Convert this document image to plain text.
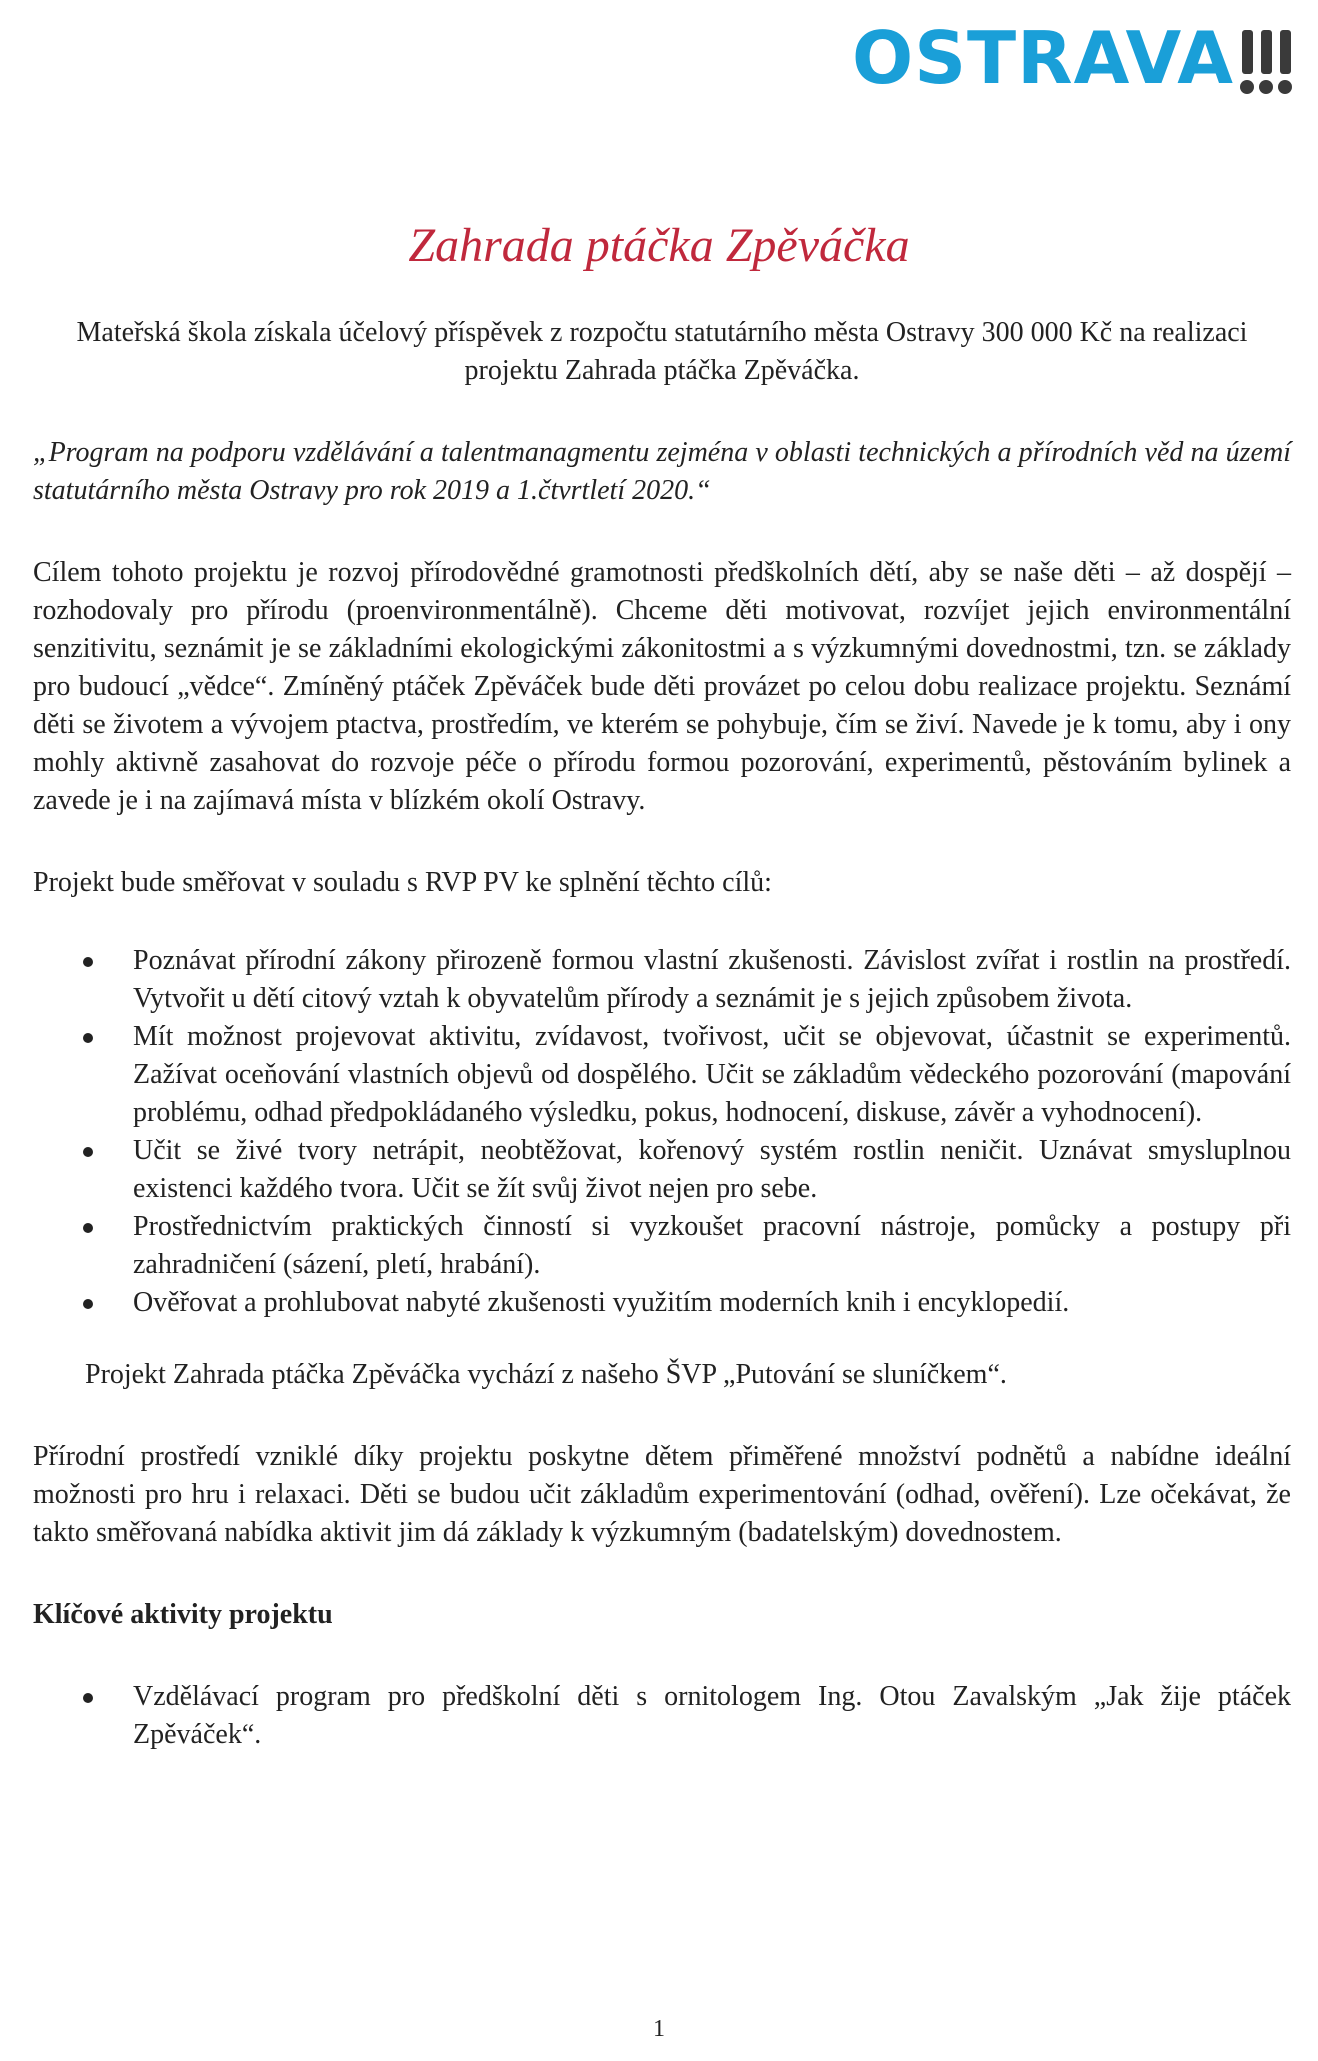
OSTRAVA
Zahrada ptáčka Zpěváčka

Mateřská škola získala účelový příspěvek z rozpočtu statutárního města Ostravy 300 000 Kč na realizaci projektu Zahrada ptáčka Zpěváčka.

„Program na podporu vzdělávání a talentmanagmentu zejména v oblasti technických a přírodních věd na území statutárního města Ostravy pro rok 2019 a 1.čtvrtletí 2020.“

Cílem tohoto projektu je rozvoj přírodovědné gramotnosti předškolních dětí, aby se naše děti – až dospějí – rozhodovaly pro přírodu (proenvironmentálně). Chceme děti motivovat, rozvíjet jejich environmentální senzitivitu, seznámit je se základními ekologickými zákonitostmi a s výzkumnými dovednostmi, tzn. se základy pro budoucí „vědce“. Zmíněný ptáček Zpěváček bude děti provázet po celou dobu realizace projektu. Seznámí děti se životem a vývojem ptactva, prostředím, ve kterém se pohybuje, čím se živí. Navede je k tomu, aby i ony mohly aktivně zasahovat do rozvoje péče o přírodu formou pozorování, experimentů, pěstováním bylinek a zavede je i na zajímavá místa v blízkém okolí Ostravy.

Projekt bude směřovat v souladu s RVP PV ke splnění těchto cílů:

Poznávat přírodní zákony přirozeně formou vlastní zkušenosti. Závislost zvířat i rostlin na prostředí. Vytvořit u dětí citový vztah k obyvatelům přírody a seznámit je s jejich způsobem života.
Mít možnost projevovat aktivitu, zvídavost, tvořivost, učit se objevovat, účastnit se experimentů. Zažívat oceňování vlastních objevů od dospělého. Učit se základům vědeckého pozorování (mapování problému, odhad předpokládaného výsledku, pokus, hodnocení, diskuse, závěr a vyhodnocení).
Učit se živé tvory netrápit, neobtěžovat, kořenový systém rostlin neničit. Uznávat smysluplnou existenci každého tvora. Učit se žít svůj život nejen pro sebe.
Prostřednictvím praktických činností si vyzkoušet pracovní nástroje, pomůcky a postupy při zahradničení (sázení, pletí, hrabání).
Ověřovat a prohlubovat nabyté zkušenosti využitím moderních knih i encyklopedií.

Projekt Zahrada ptáčka Zpěváčka vychází z našeho ŠVP „Putování se sluníčkem“.

Přírodní prostředí vzniklé díky projektu poskytne dětem přiměřené množství podnětů a nabídne ideální možnosti pro hru i relaxaci. Děti se budou učit základům experimentování (odhad, ověření). Lze očekávat, že takto směřovaná nabídka aktivit jim dá základy k výzkumným (badatelským) dovednostem.

Klíčové aktivity projektu

Vzdělávací program pro předškolní děti s ornitologem Ing. Otou Zavalským „Jak žije ptáček Zpěváček“.
1
